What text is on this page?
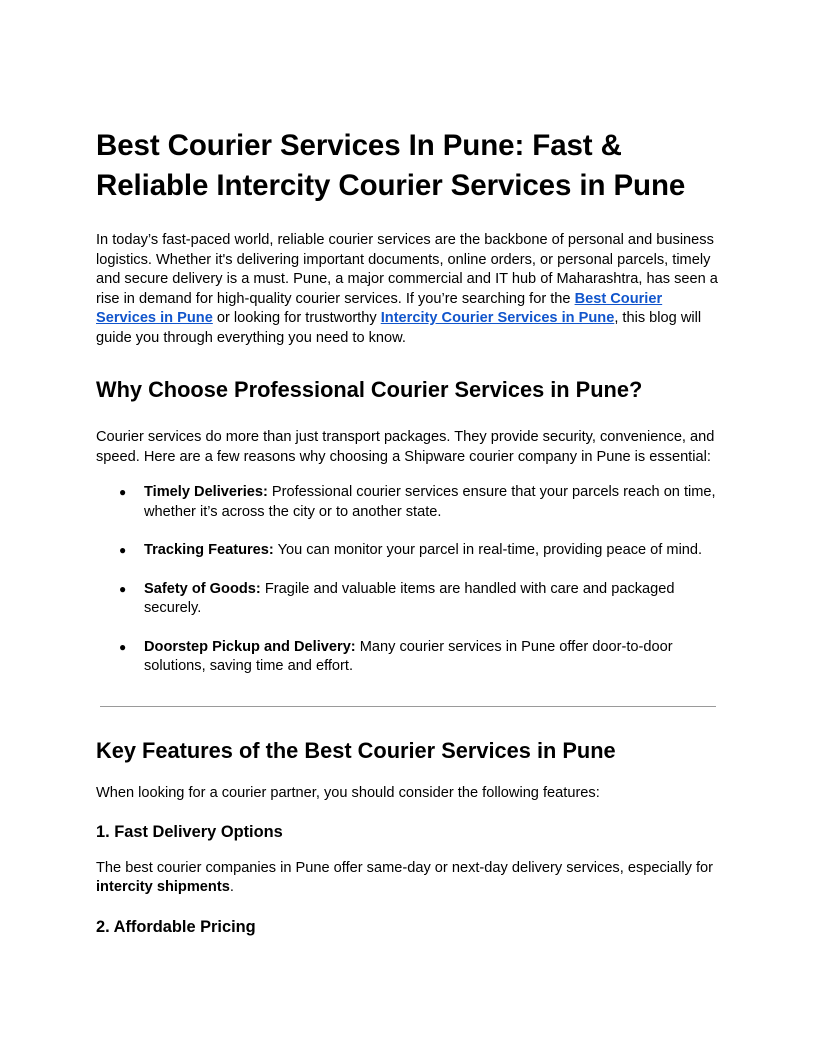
Best Courier Services In Pune: Fast & Reliable Intercity Courier Services in Pune

In today’s fast-paced world, reliable courier services are the backbone of personal and business logistics. Whether it's delivering important documents, online orders, or personal parcels, timely and secure delivery is a must. Pune, a major commercial and IT hub of Maharashtra, has seen a rise in demand for high-quality courier services. If you’re searching for the Best Courier Services in Pune or looking for trustworthy Intercity Courier Services in Pune, this blog will guide you through everything you need to know.

Why Choose Professional Courier Services in Pune?

Courier services do more than just transport packages. They provide security, convenience, and speed. Here are a few reasons why choosing a Shipware courier company in Pune is essential:

● Timely Deliveries: Professional courier services ensure that your parcels reach on time, whether it’s across the city or to another state.
● Tracking Features: You can monitor your parcel in real-time, providing peace of mind.
● Safety of Goods: Fragile and valuable items are handled with care and packaged securely.
● Doorstep Pickup and Delivery: Many courier services in Pune offer door-to-door solutions, saving time and effort.
Key Features of the Best Courier Services in Pune

When looking for a courier partner, you should consider the following features:

1. Fast Delivery Options

The best courier companies in Pune offer same-day or next-day delivery services, especially for intercity shipments.

2. Affordable Pricing
